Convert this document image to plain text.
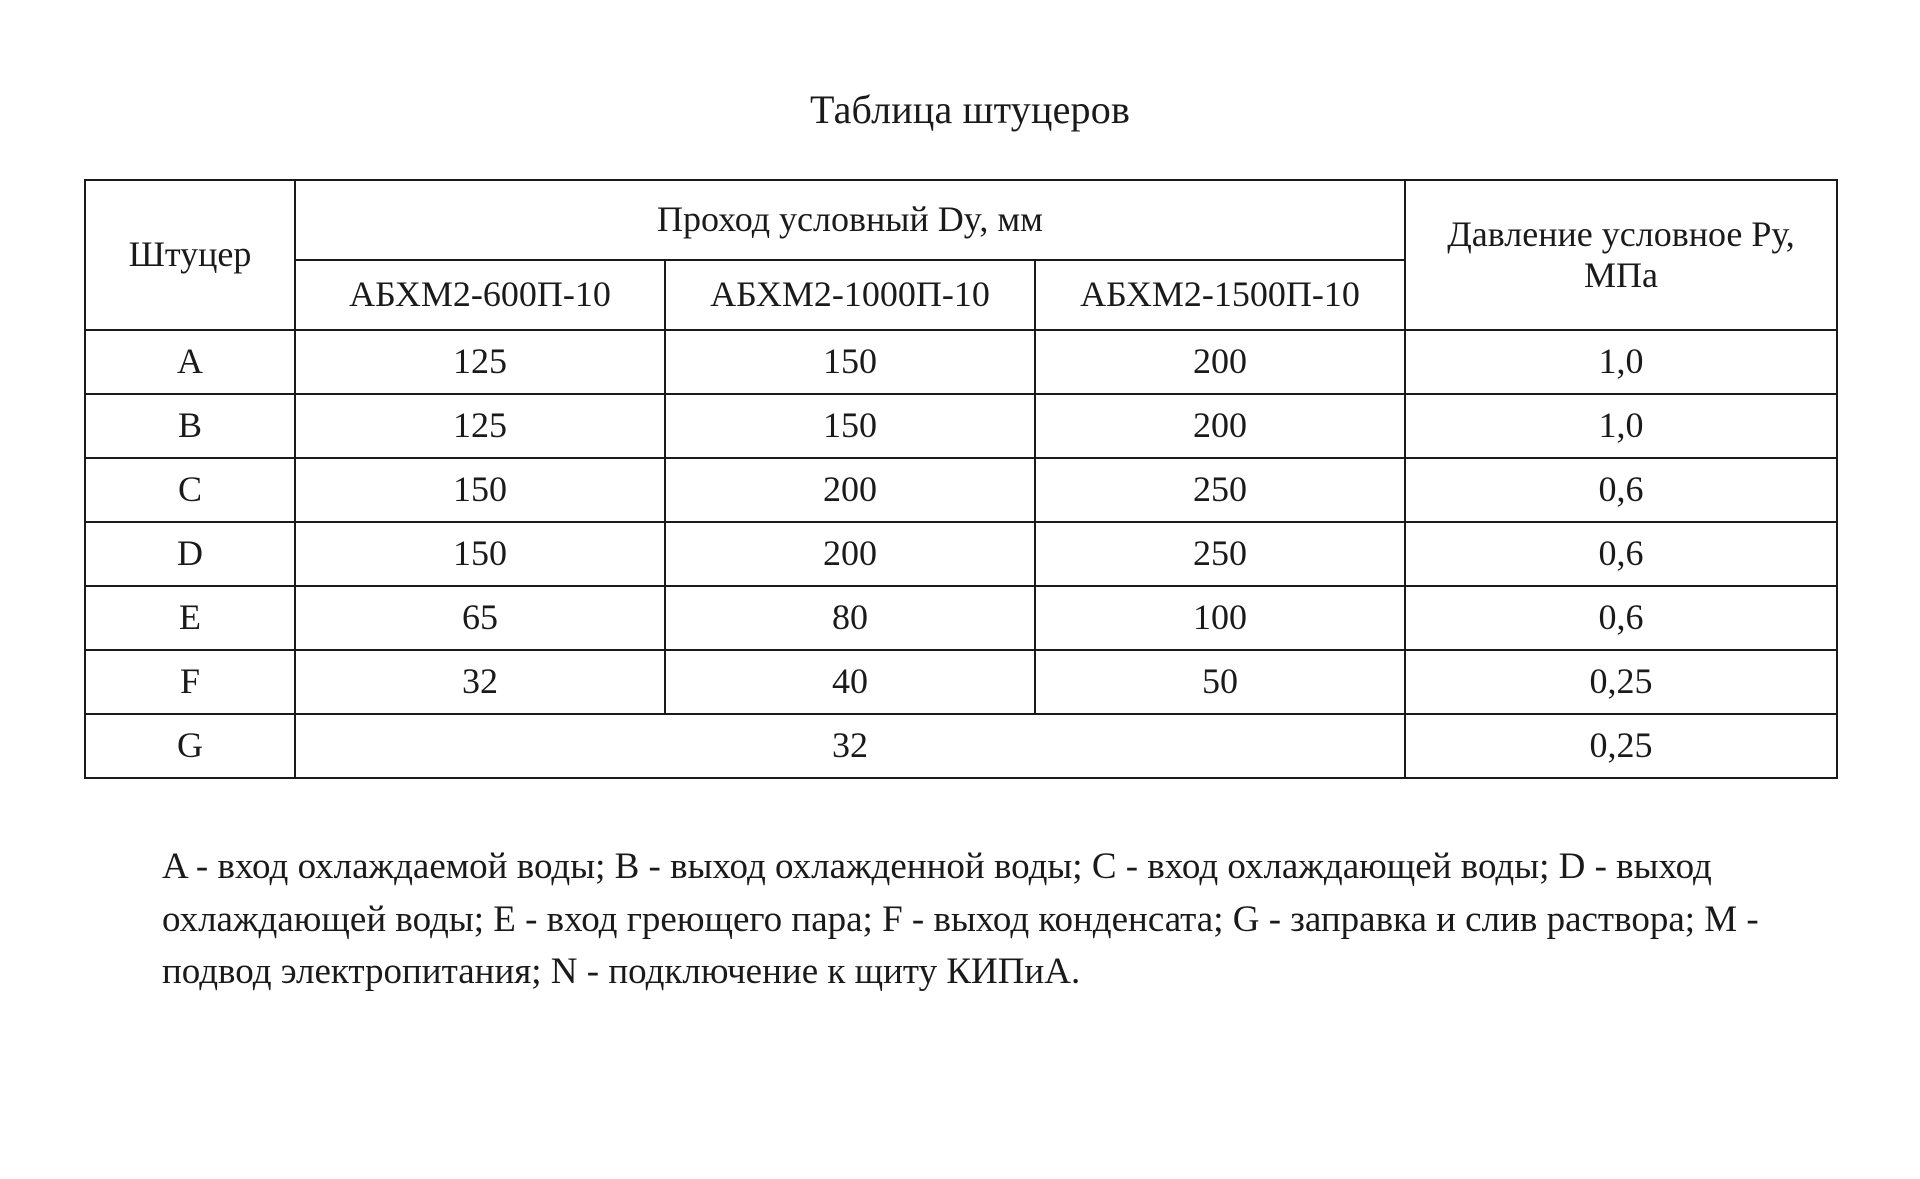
Таблица штуцеров
Штуцер	Проход условный Dy, мм			Давление условное Ру, МПа
	АБХМ2-600П-10	АБХМ2-1000П-10	АБХМ2-1500П-10	
A	125	150	200	1,0
B	125	150	200	1,0
C	150	200	250	0,6
D	150	200	250	0,6
E	65	80	100	0,6
F	32	40	50	0,25
G	32			0,25
A - вход охлаждаемой воды; B - выход охлажденной воды; C - вход охлаждающей воды; D - выход охлаждающей воды; E - вход греющего пара; F - выход конденсата; G - заправка и слив раствора; M - подвод электропитания; N - подключение к щиту КИПиА.
